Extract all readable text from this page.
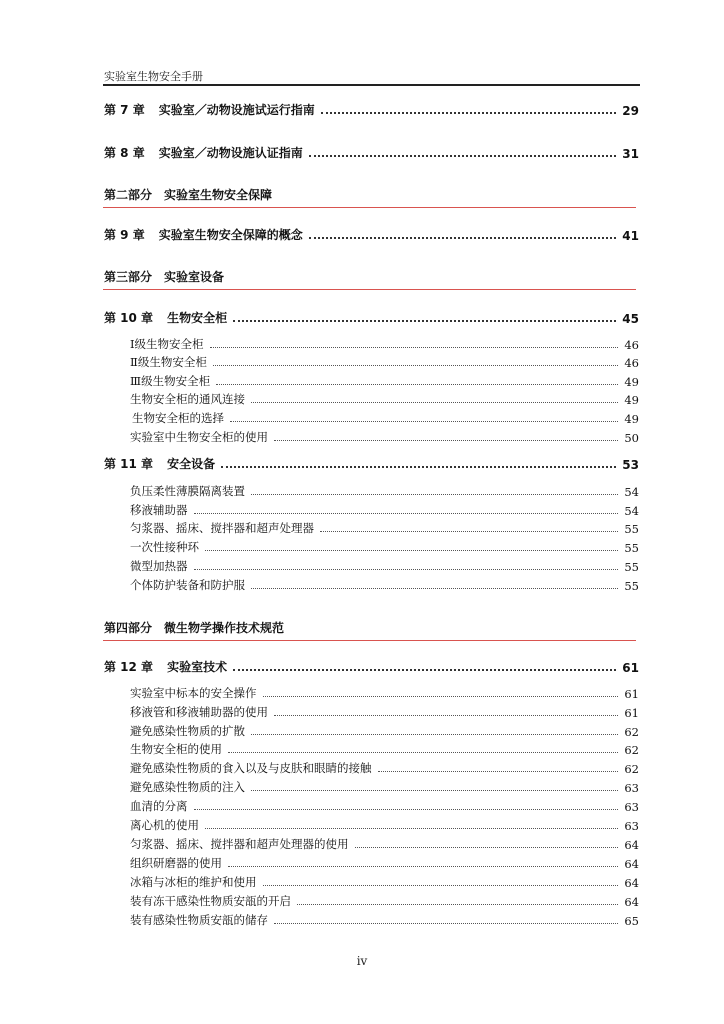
实验室生物安全手册
第 7 章 实验室／动物设施试运行指南	29
第 8 章 实验室／动物设施认证指南	31
第二部分　实验室生物安全保障
第 9 章 实验室生物安全保障的概念	41
第三部分　实验室设备
第 10 章 生物安全柜	45
Ⅰ级生物安全柜	46
Ⅱ级生物安全柜	46
Ⅲ级生物安全柜	49
生物安全柜的通风连接	49
生物安全柜的选择	49
实验室中生物安全柜的使用	50
第 11 章 安全设备	53
负压柔性薄膜隔离装置	54
移液辅助器	54
匀浆器、摇床、搅拌器和超声处理器	55
一次性接种环	55
微型加热器	55
个体防护装备和防护服	55
第四部分　微生物学操作技术规范
第 12 章 实验室技术	61
实验室中标本的安全操作	61
移液管和移液辅助器的使用	61
避免感染性物质的扩散	62
生物安全柜的使用	62
避免感染性物质的食入以及与皮肤和眼睛的接触	62
避免感染性物质的注入	63
血清的分离	63
离心机的使用	63
匀浆器、摇床、搅拌器和超声处理器的使用	64
组织研磨器的使用	64
冰箱与冰柜的维护和使用	64
装有冻干感染性物质安瓿的开启	64
装有感染性物质安瓿的储存	65
iv
